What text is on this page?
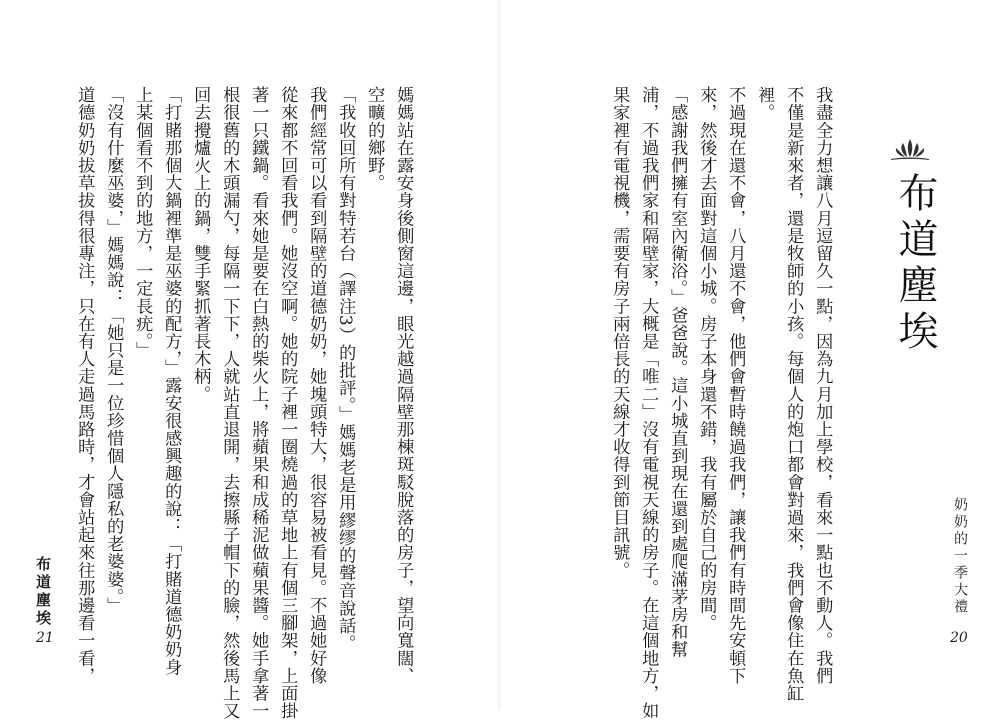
媽媽站在露安身後側窗這邊，眼光越過隔壁那棟斑駁脫落的房子，望向寬闊、
空曠的鄉野。
「我收回所有對特若台（譯注3）的批評。」媽媽老是用繆缪的聲音說話。
我們經常可以看到隔壁的道德奶奶，她塊頭特大，很容易被看見。不過她好像
從來都不回看我們。她沒空啊。她的院子裡一圈燒過的草地上有個三腳架，上面掛
著一只鐵鍋。看來她是要在白熱的柴火上，將蘋果和成稀泥做蘋果醬。她手拿著一
根很舊的木頭漏勺，每隔一下下，人就站直退開，去擦縣子帽下的臉，然後馬上又
回去攪爐火上的鍋，雙手緊抓著長木柄。
「打賭那個大鍋裡準是巫婆的配方，」露安很感興趣的說：「打賭道德奶奶身
上某個看不到的地方，一定長疣。」
「沒有什麼巫婆，」媽媽說：「她只是一位珍惜個人隱私的老婆婆。」
道德奶奶拔草拔得很專注，只在有人走過馬路時，才會站起來往那邊看一看，
布道塵埃
21
布道塵埃
我盡全力想讓八月逗留久一點，因為九月加上學校，看來一點也不動人。我們
不僅是新來者，還是牧師的小孩。每個人的炮口都會對過來，我們會像住在魚缸
裡。
不過現在還不會，八月還不會，他們會暫時饒過我們，讓我們有時間先安頓下
來，然後才去面對這個小城。房子本身還不錯，我有屬於自己的房間。
「感謝我們擁有室內衛浴。」爸爸說。這小城直到現在還到處爬滿茅房和幫
浦，不過我們家和隔壁家，大概是「唯二」沒有電視天線的房子。在這個地方，如
果家裡有電視機，需要有房子兩倍長的天線才收得到節目訊號。	奶奶的一季大禮
20
